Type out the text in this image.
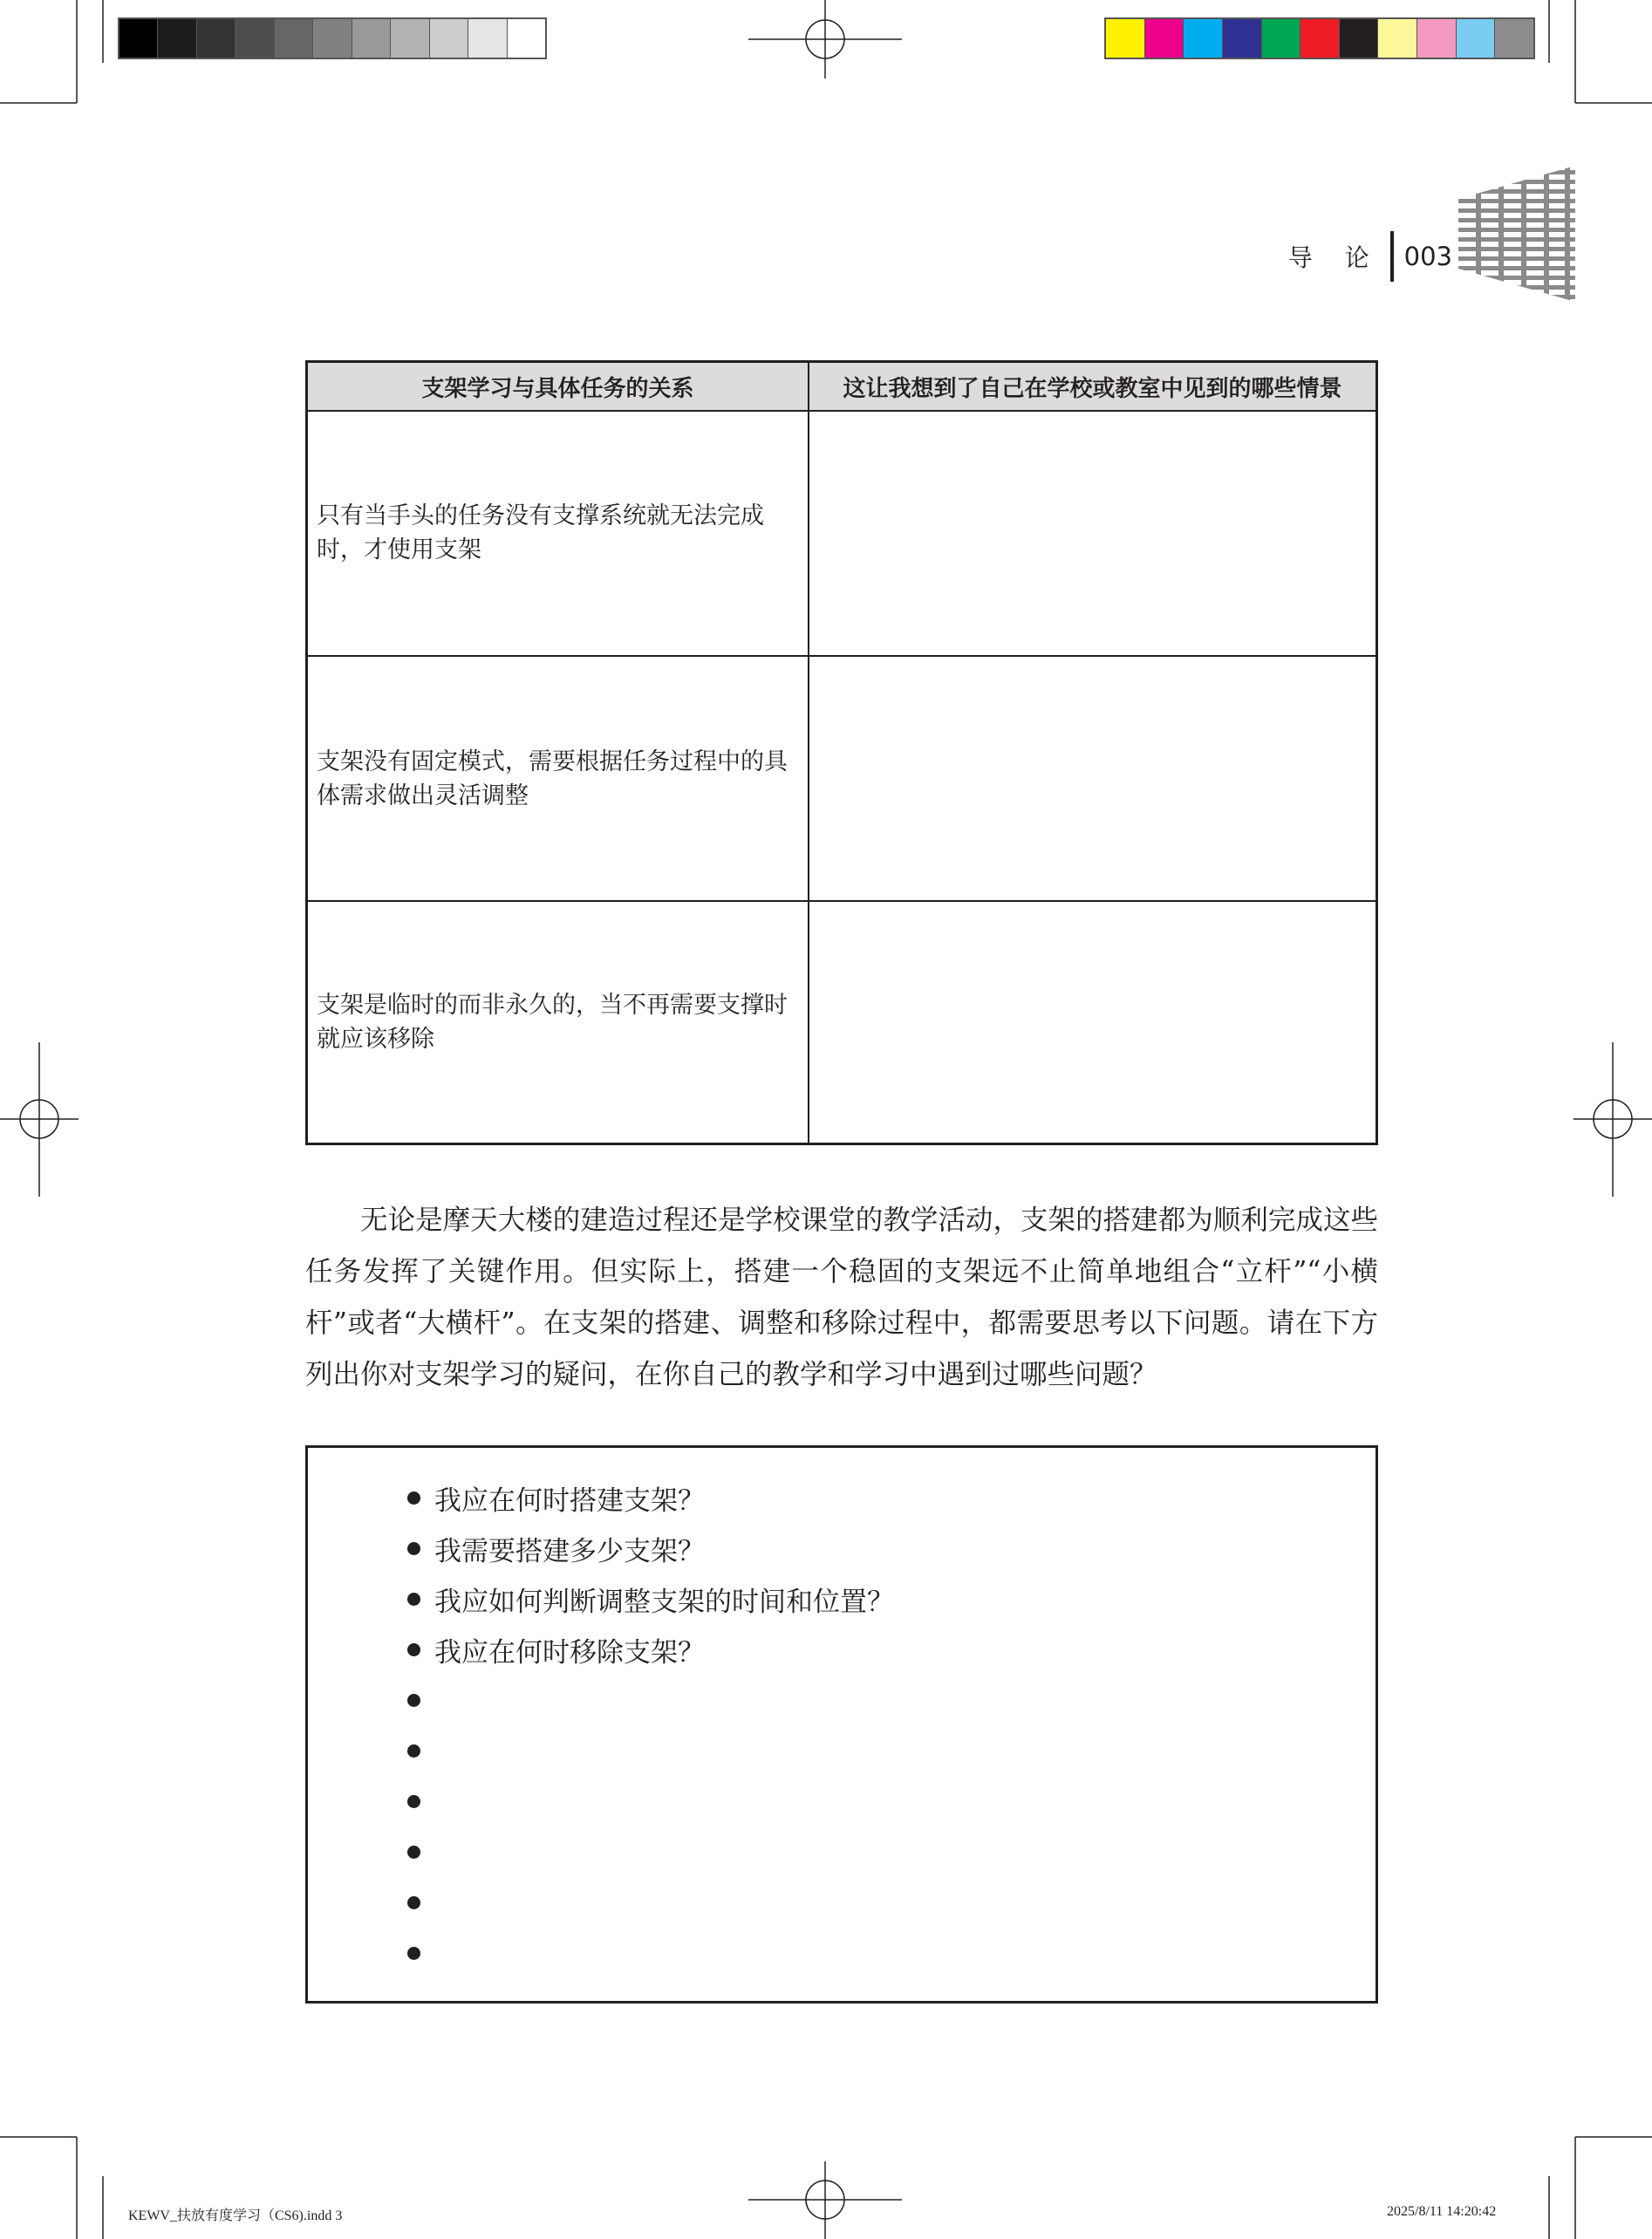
导 论 003
支架学习与具体任务的关系	这让我想到了自己在学校或教室中见到的哪些情景
只有当手头的任务没有支撑系统就无法完成时，才使用支架
支架没有固定模式，需要根据任务过程中的具体需求做出灵活调整
支架是临时的而非永久的，当不再需要支撑时就应该移除

无论是摩天大楼的建造过程还是学校课堂的教学活动，支架的搭建都为顺利完成这些任务发挥了关键作用。但实际上，搭建一个稳固的支架远不止简单地组合“立杆”“小横杆”或者“大横杆”。在支架的搭建、调整和移除过程中，都需要思考以下问题。请在下方列出你对支架学习的疑问，在你自己的教学和学习中遇到过哪些问题？

我应在何时搭建支架？
我需要搭建多少支架？
我应如何判断调整支架的时间和位置？
我应在何时移除支架？
KEWV_扶放有度学习（CS6).indd 3	2025/8/11 14:20:42
